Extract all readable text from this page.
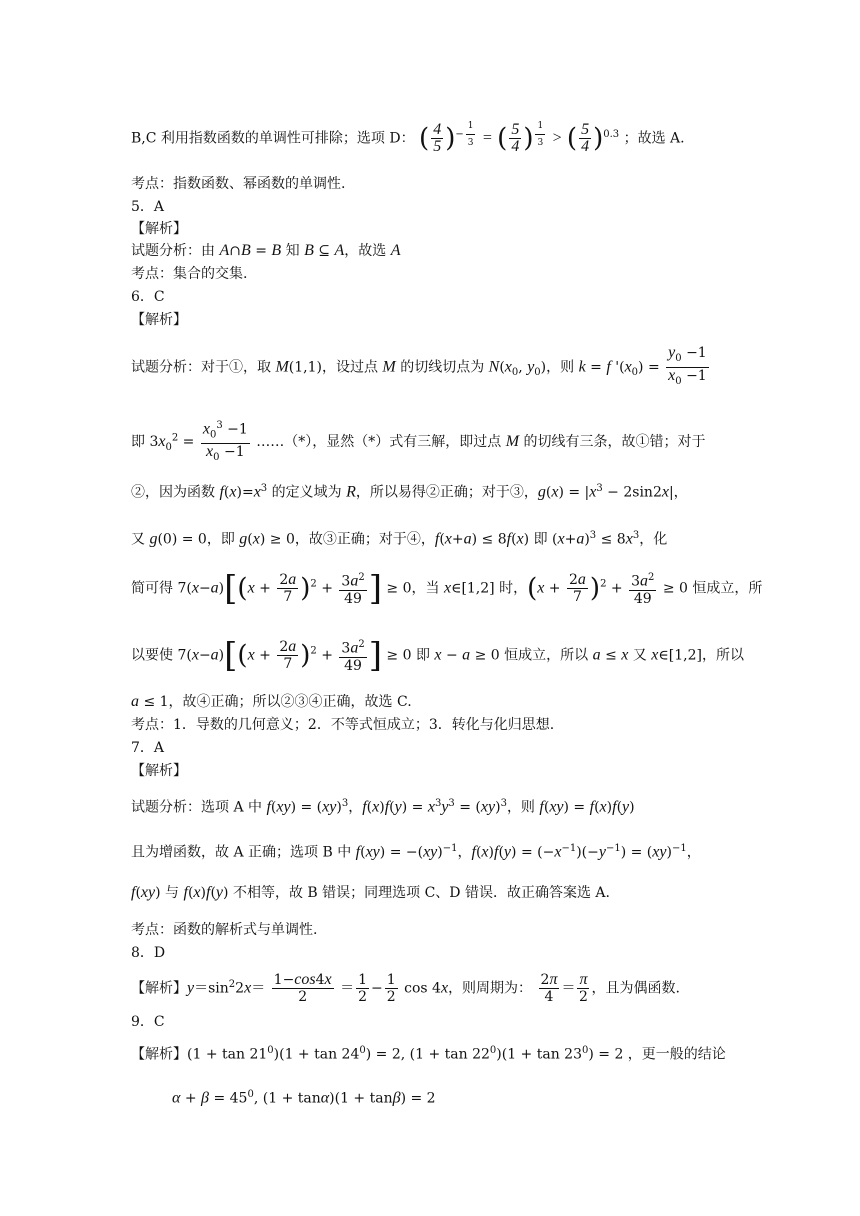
B,C 利用指数函数的单调性可排除；选项 D： ( $\frac{4}{5} )^{- \frac{1}{3}}$ = ( $\frac{5}{4}$ ) $^{\frac{1}{3}}$ > ( $\frac{5}{4} )^{0.3}$ ；故选 A.
考点：指数函数、幂函数的单调性.
5．A
【解析】
试题分析：由 A∩B = B 知 B ⊆ A，故选 A
考点：集合的交集.
6．C
【解析】
试题分析：对于①，取 M(1,1)，设过点 M 的切线切点为 $N(x_0$, $y_0$)，则 k = f '$(x_0) = \frac{y_0 -1}{x_0 -1}$
即 $3x_0^2 = \frac{x_0^3 -1}{x_0 -1}$ ……（*），显然（*）式有三解，即过点 M 的切线有三条，故①错；对于
②，因为函数 $f(x)=x^3$ 的定义域为 R，所以易得②正确；对于③，$g(x) = |x^3 - 2\sin 2x|$，
又 g(0) = 0，即 g(x) ≥ 0，故③正确；对于④，f(x+a) ≤ 8f(x) 即 $(x+a)^3 \le 8x^3$，化
简可得 $7(x-a)[(x + \frac{2a}{7} )^2 + \frac{3a^2}{49}$ ] ≥ 0，当 x∈[1,2] 时，$(x + \frac{2a}{7} )^2 + \frac{3a^2}{49} \ge 0$ 恒成立，所
以要使 $7(x-a)[(x + \frac{2a}{7} )^2 + \frac{3a^2}{49}$ ] ≥ 0 即 x − a ≥ 0 恒成立，所以 a ≤ x 又 x∈[1,2]，所以
a ≤ 1，故④正确；所以②③④正确，故选 C.
考点：1．导数的几何意义；2．不等式恒成立；3．转化与化归思想.
7．A
【解析】
试题分析：选项 A 中 f(xy) = (xy)$^3$，$f(x)f(y) = x^3y^3 = (xy)^3$，则 f(xy) = f(x)f(y)
且为增函数，故 A 正确；选项 B 中 f(xy) = −(xy)$^{-1}$，$f(x)f(y) = (-x^{-1})(-y^{-1}) = (xy)^{-1}$，
f(xy) 与 f(x)f(y) 不相等，故 B 错误；同理选项 C、D 错误．故正确答案选 A.
考点：函数的解析式与单调性.
8．D
【解析】$y=\sin^22x= \frac{1-\cos 4x}{2} = \frac{1}{2} - \frac{1}{2}$ cos 4x，则周期为： $\frac{2\pi}{4} = \frac{\pi}{2}$ ，且为偶函数.
9．C
【解析】$(1 + \tan 21^0)(1 + \tan 24^0) = 2$, $(1 + \tan 22^0)(1 + \tan 23^0) = 2$ ，更一般的结论
$\alpha + \beta = 45^0$, (1 + tanα)(1 + tanβ) = 2
